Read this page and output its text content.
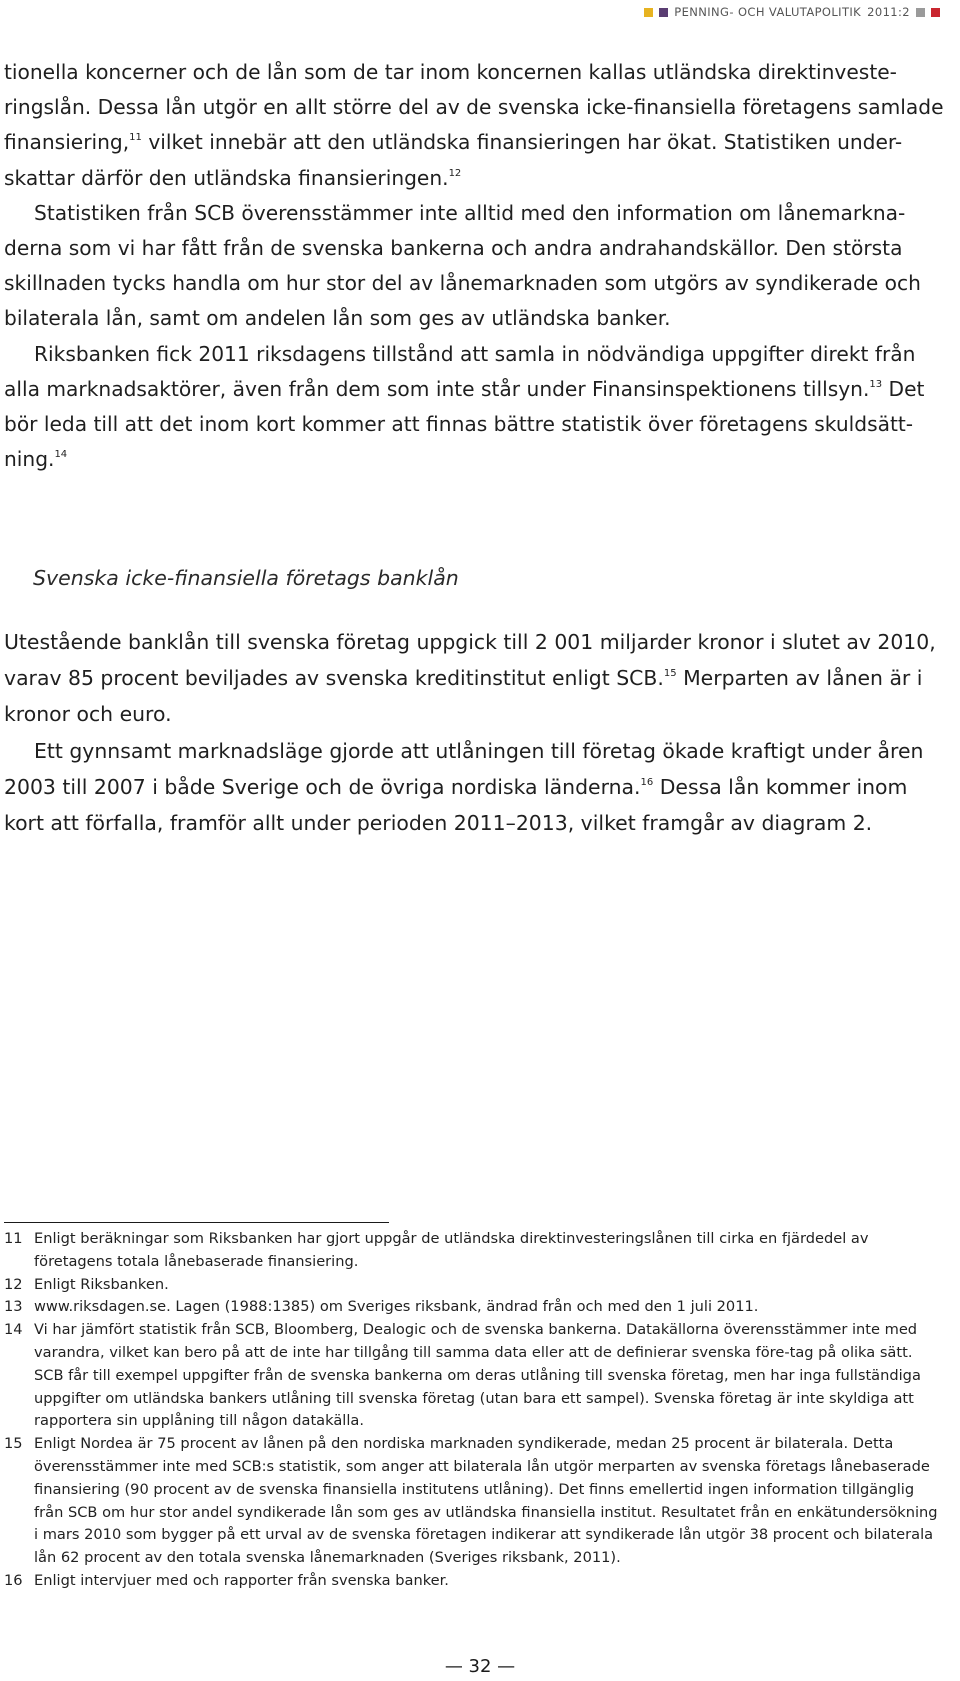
PENNING- OCH VALUTAPOLITIK 2011:2

tionella koncerner och de lån som de tar inom koncernen kallas utländska direktinveste-ringslån. Dessa lån utgör en allt större del av de svenska icke-finansiella företagens samlade finansiering,$^{11}$ vilket innebär att den utländska finansieringen har ökat. Statistiken under-skattar därför den utländska finansieringen.$^{12}$

Statistiken från SCB överensstämmer inte alltid med den information om lånemarkna-derna som vi har fått från de svenska bankerna och andra andrahandskällor. Den största skillnaden tycks handla om hur stor del av lånemarknaden som utgörs av syndikerade och bilaterala lån, samt om andelen lån som ges av utländska banker.

Riksbanken fick 2011 riksdagens tillstånd att samla in nödvändiga uppgifter direkt från alla marknadsaktörer, även från dem som inte står under Finansinspektionens tillsyn.$^{13}$ Det bör leda till att det inom kort kommer att finnas bättre statistik över företagens skuldsätt-ning.$^{14}$

Svenska icke-finansiella företags banklån

Utestående banklån till svenska företag uppgick till 2 001 miljarder kronor i slutet av 2010, varav 85 procent beviljades av svenska kreditinstitut enligt SCB.$^{15}$ Merparten av lånen är i kronor och euro.

Ett gynnsamt marknadsläge gjorde att utlåningen till företag ökade kraftigt under åren 2003 till 2007 i både Sverige och de övriga nordiska länderna.$^{16}$ Dessa lån kommer inom kort att förfalla, framför allt under perioden 2011–2013, vilket framgår av diagram 2.

11 Enligt beräkningar som Riksbanken har gjort uppgår de utländska direktinvesteringslånen till cirka en fjärdedel av företagens totala lånebaserade finansiering.
12 Enligt Riksbanken.
13 www.riksdagen.se. Lagen (1988:1385) om Sveriges riksbank, ändrad från och med den 1 juli 2011.
14 Vi har jämfört statistik från SCB, Bloomberg, Dealogic och de svenska bankerna. Datakällorna överensstämmer inte med varandra, vilket kan bero på att de inte har tillgång till samma data eller att de definierar svenska före-tag på olika sätt. SCB får till exempel uppgifter från de svenska bankerna om deras utlåning till svenska företag, men har inga fullständiga uppgifter om utländska bankers utlåning till svenska företag (utan bara ett sampel). Svenska företag är inte skyldiga att rapportera sin upplåning till någon datakälla.
15 Enligt Nordea är 75 procent av lånen på den nordiska marknaden syndikerade, medan 25 procent är bilaterala. Detta överensstämmer inte med SCB:s statistik, som anger att bilaterala lån utgör merparten av svenska företags lånebaserade finansiering (90 procent av de svenska finansiella institutens utlåning). Det finns emellertid ingen information tillgänglig från SCB om hur stor andel syndikerade lån som ges av utländska finansiella institut. Resultatet från en enkätundersökning i mars 2010 som bygger på ett urval av de svenska företagen indikerar att syndikerade lån utgör 38 procent och bilaterala lån 62 procent av den totala svenska lånemarknaden (Sveriges riksbank, 2011).
16 Enligt intervjuer med och rapporter från svenska banker.
— 32 —
